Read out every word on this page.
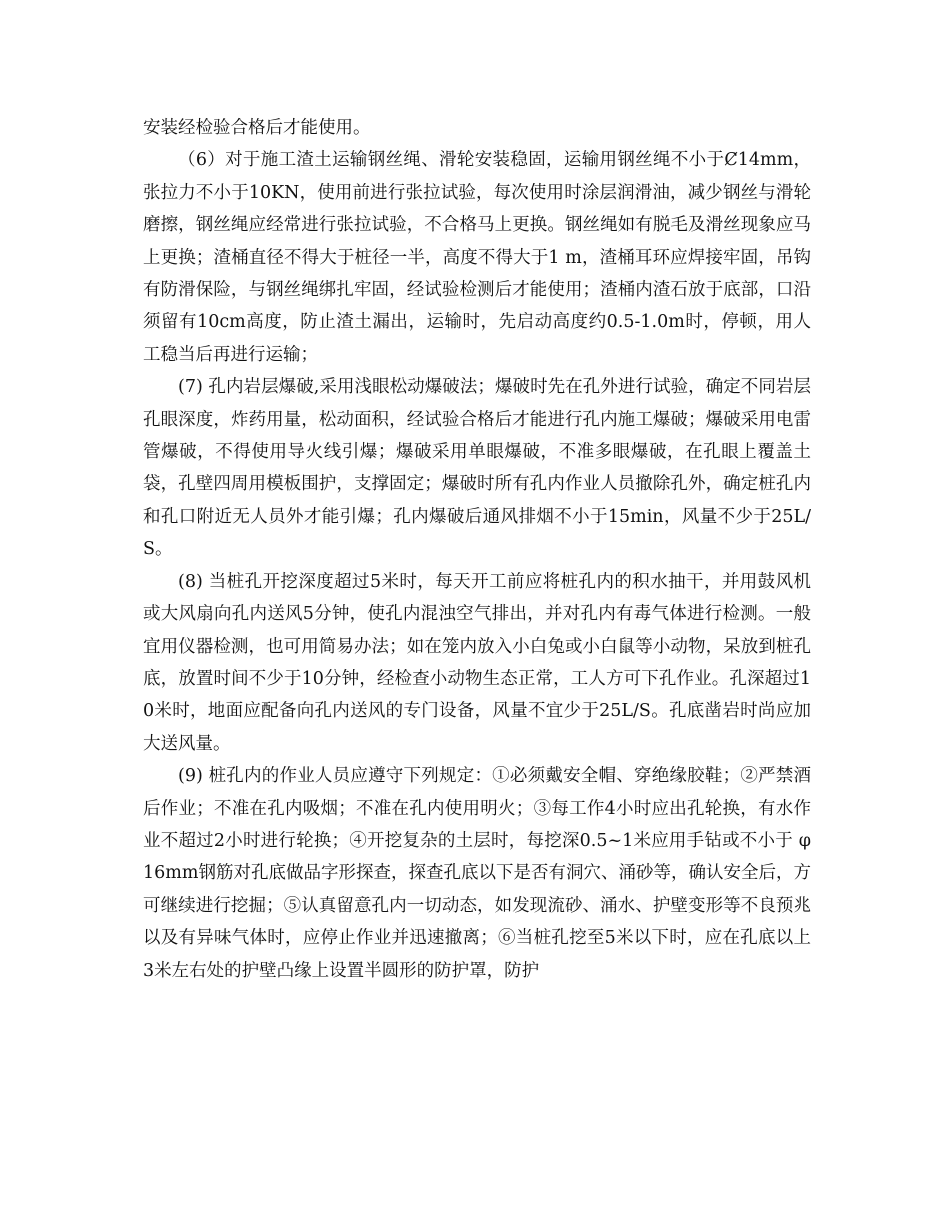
安装经检验合格后才能使用。

（6）对于施工渣土运输钢丝绳、滑轮安装稳固，运输用钢丝绳不小于Ȼ14mm，张拉力不小于10KN，使用前进行张拉试验，每次使用时涂层润滑油，减少钢丝与滑轮磨擦，钢丝绳应经常进行张拉试验，不合格马上更换。钢丝绳如有脱毛及滑丝现象应马上更换；渣桶直径不得大于桩径一半，高度不得大于1 m，渣桶耳环应焊接牢固，吊钩有防滑保险，与钢丝绳绑扎牢固，经试验检测后才能使用；渣桶内渣石放于底部，口沿须留有10cm高度，防止渣土漏出，运输时，先启动高度约0.5-1.0m时，停顿，用人工稳当后再进行运输；

(7) 孔内岩层爆破,采用浅眼松动爆破法；爆破时先在孔外进行试验，确定不同岩层孔眼深度，炸药用量，松动面积，经试验合格后才能进行孔内施工爆破；爆破采用电雷管爆破，不得使用导火线引爆；爆破采用单眼爆破，不准多眼爆破，在孔眼上覆盖土袋，孔壁四周用模板围护，支撑固定；爆破时所有孔内作业人员撤除孔外，确定桩孔内和孔口附近无人员外才能引爆；孔内爆破后通风排烟不小于15min，风量不少于25L/S。

(8) 当桩孔开挖深度超过5米时，每天开工前应将桩孔内的积水抽干，并用鼓风机或大风扇向孔内送风5分钟，使孔内混浊空气排出，并对孔内有毒气体进行检测。一般宜用仪器检测，也可用简易办法；如在笼内放入小白兔或小白鼠等小动物，呆放到桩孔底，放置时间不少于10分钟，经检查小动物生态正常，工人方可下孔作业。孔深超过10米时，地面应配备向孔内送风的专门设备，风量不宜少于25L/S。孔底凿岩时尚应加大送风量。

(9) 桩孔内的作业人员应遵守下列规定：①必须戴安全帽、穿绝缘胶鞋；②严禁酒后作业；不准在孔内吸烟；不准在孔内使用明火；③每工作4小时应出孔轮换，有水作业不超过2小时进行轮换；④开挖复杂的土层时，每挖深0.5~1米应用手钻或不小于 φ16mm钢筋对孔底做品字形探查，探查孔底以下是否有洞穴、涌砂等，确认安全后，方可继续进行挖掘；⑤认真留意孔内一切动态，如发现流砂、涌水、护壁变形等不良预兆以及有异味气体时，应停止作业并迅速撤离；⑥当桩孔挖至5米以下时，应在孔底以上3米左右处的护壁凸缘上设置半圆形的防护罩，防护
